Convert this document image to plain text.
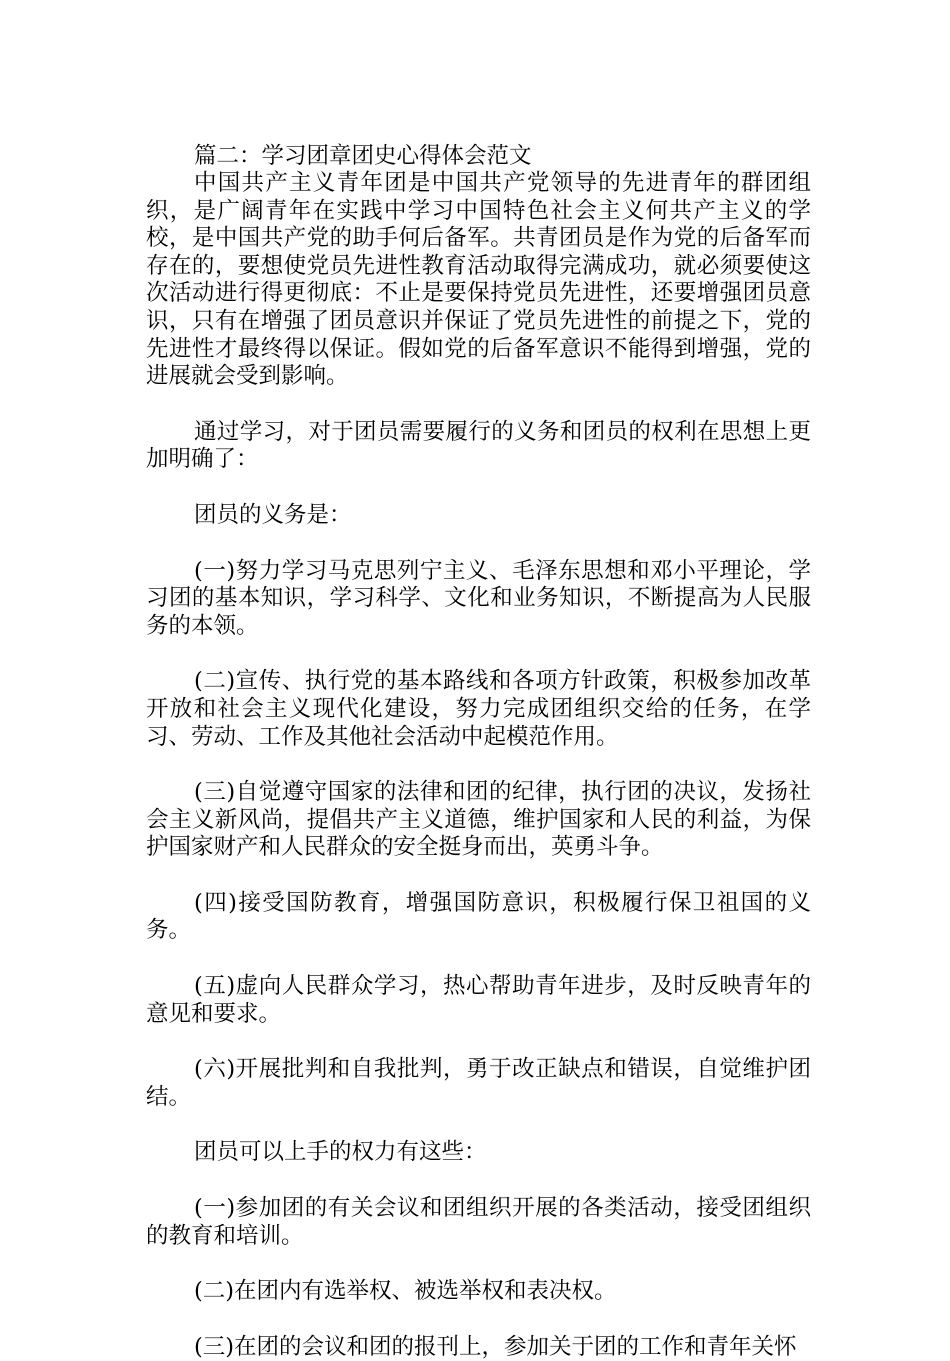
篇二：学习团章团史心得体会范文

中国共产主义青年团是中国共产党领导的先进青年的群团组织，是广阔青年在实践中学习中国特色社会主义何共产主义的学校，是中国共产党的助手何后备军。共青团员是作为党的后备军而存在的，要想使党员先进性教育活动取得完满成功，就必须要使这次活动进行得更彻底：不止是要保持党员先进性，还要增强团员意识，只有在增强了团员意识并保证了党员先进性的前提之下，党的先进性才最终得以保证。假如党的后备军意识不能得到增强，党的进展就会受到影响。

通过学习，对于团员需要履行的义务和团员的权利在思想上更加明确了：

团员的义务是：

(一)努力学习马克思列宁主义、毛泽东思想和邓小平理论，学习团的基本知识，学习科学、文化和业务知识，不断提高为人民服务的本领。

(二)宣传、执行党的基本路线和各项方针政策，积极参加改革开放和社会主义现代化建设，努力完成团组织交给的任务，在学习、劳动、工作及其他社会活动中起模范作用。

(三)自觉遵守国家的法律和团的纪律，执行团的决议，发扬社会主义新风尚，提倡共产主义道德，维护国家和人民的利益，为保护国家财产和人民群众的安全挺身而出，英勇斗争。

(四)接受国防教育，增强国防意识，积极履行保卫祖国的义务。

(五)虚向人民群众学习，热心帮助青年进步，及时反映青年的意见和要求。

(六)开展批判和自我批判，勇于改正缺点和错误，自觉维护团结。

团员可以上手的权力有这些：

(一)参加团的有关会议和团组织开展的各类活动，接受团组织的教育和培训。

(二)在团内有选举权、被选举权和表决权。

(三)在团的会议和团的报刊上，参加关于团的工作和青年关怀
